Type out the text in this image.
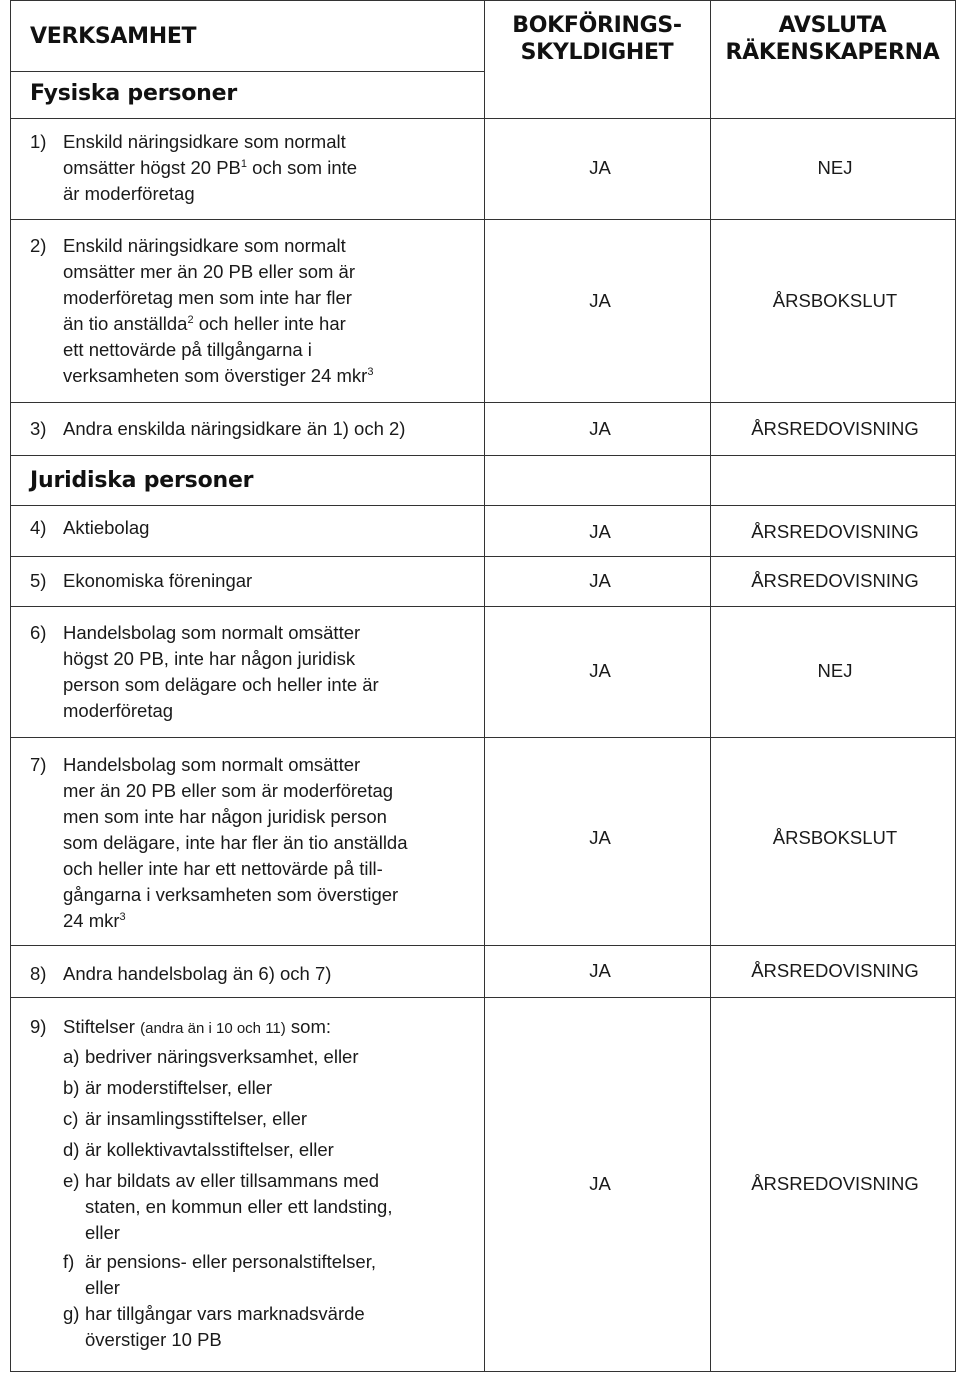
VERKSAMHET	BOKFÖRINGS-
SKYLDIGHET
AVSLUTA
RÄKENSKAPERNA
Fysiska personer
1) Enskild näringsidkare som normalt
omsätter högst 20 $PB^1$ och som inte
är moderföretag
JA	NEJ
2) Enskild näringsidkare som normalt
omsätter mer än 20 PB eller som är
moderföretag men som inte har fler
än tio anställda$^2$ och heller inte har
ett nettovärde på tillgångarna i
verksamheten som överstiger 24 mkr$^3$
JA	ÅRSBOKSLUT
3) Andra enskilda näringsidkare än 1) och 2)	JA	ÅRSREDOVISNING
Juridiska personer
4) Aktiebolag	JA	ÅRSREDOVISNING
5) Ekonomiska föreningar	JA	ÅRSREDOVISNING
6) Handelsbolag som normalt omsätter
högst 20 PB, inte har någon juridisk
person som delägare och heller inte är
moderföretag
JA	NEJ
7) Handelsbolag som normalt omsätter
mer än 20 PB eller som är moderföretag
men som inte har någon juridisk person
som delägare, inte har fler än tio anställda
och heller inte har ett nettovärde på till-
gångarna i verksamheten som överstiger
24 mkr$^3$
JA	ÅRSBOKSLUT
8) Andra handelsbolag än 6) och 7)	JA	ÅRSREDOVISNING
9) Stiftelser (andra än i 10 och 11) som:
a) bedriver näringsverksamhet, eller
b) är moderstiftelser, eller
c) är insamlingsstiftelser, eller
d) är kollektivavtalsstiftelser, eller
e) har bildats av eller tillsammans med
staten, en kommun eller ett landsting,
eller
f) är pensions- eller personalstiftelser,
eller
g) har tillgångar vars marknadsvärde
överstiger 10 PB
JA	ÅRSREDOVISNING
